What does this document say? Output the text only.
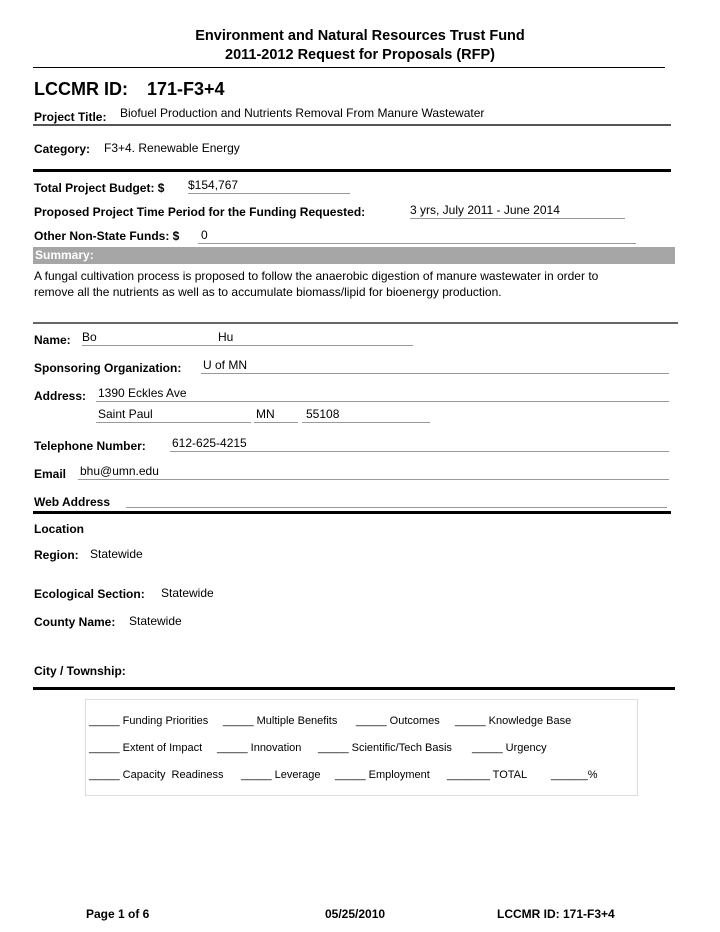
Environment and Natural Resources Trust Fund
2011-2012 Request for Proposals (RFP)
LCCMR ID: 171-F3+4
Project Title: Biofuel Production and Nutrients Removal From Manure Wastewater
Category: F3+4. Renewable Energy
Total Project Budget: $ $154,767
Proposed Project Time Period for the Funding Requested:	3 yrs, July 2011 - June 2014
Other Non-State Funds: $ 0
Summary:
A fungal cultivation process is proposed to follow the anaerobic digestion of manure wastewater in order to
remove all the nutrients as well as to accumulate biomass/lipid for bioenergy production.
Name: Bo	Hu
Sponsoring Organization: U of MN
Address: 1390 Eckles Ave
Saint Paul	MN	55108
Telephone Number: 612-625-4215
Email bhu@umn.edu
Web Address
Location
Region: Statewide
Ecological Section: Statewide
County Name: Statewide
City / Township:
_____ Funding Priorities _____ Multiple Benefits _____ Outcomes _____ Knowledge Base
_____ Extent of Impact _____ Innovation _____ Scientific/Tech Basis _____ Urgency
_____ Capacity  Readiness _____ Leverage _____ Employment _______ TOTAL ______%
Page 1 of 6	05/25/2010	LCCMR ID: 171-F3+4
